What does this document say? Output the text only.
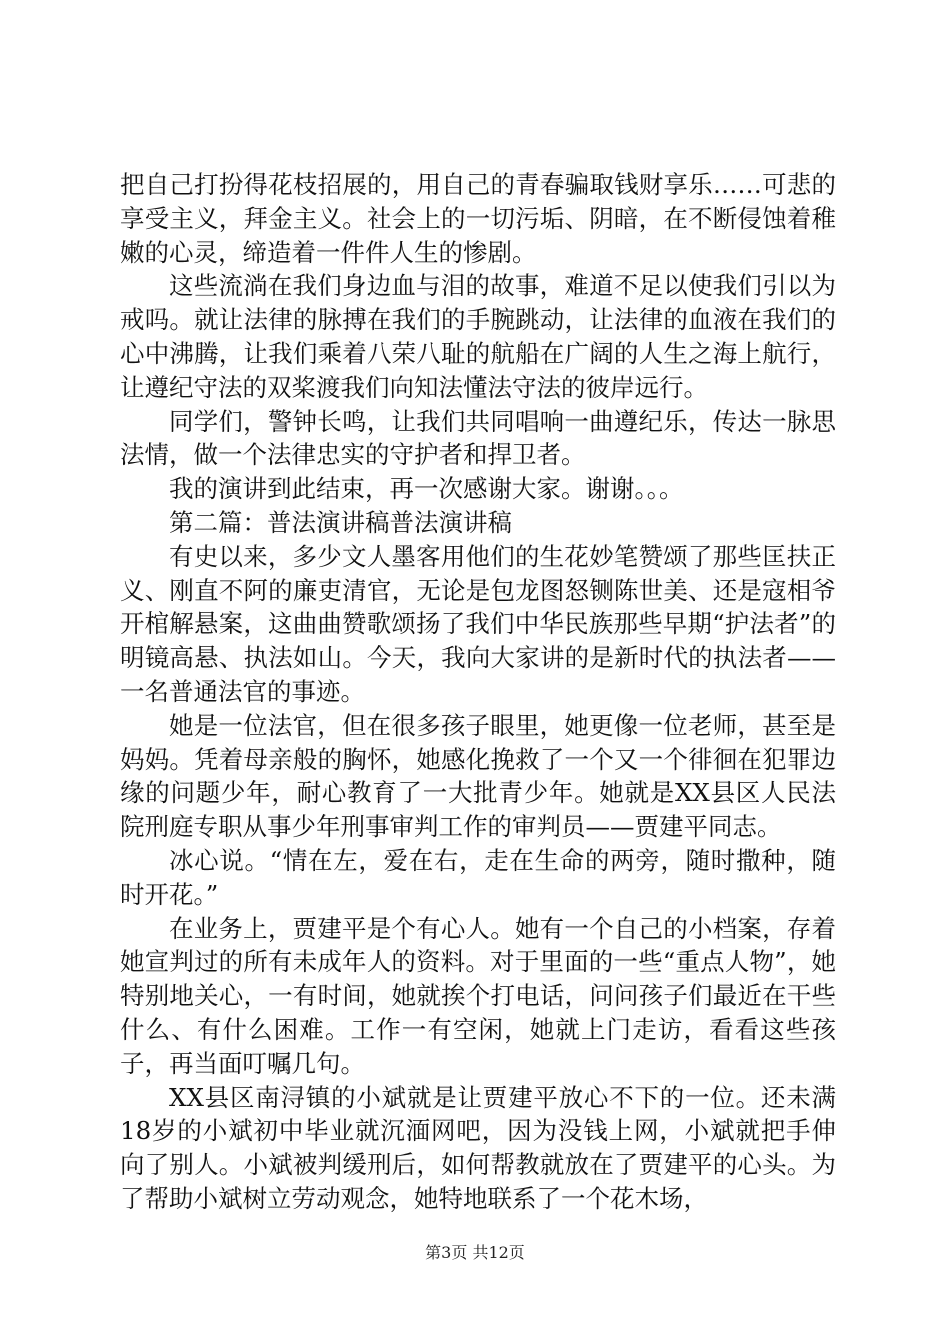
把自己打扮得花枝招展的，用自己的青春骗取钱财享乐……可悲的享受主义，拜金主义。社会上的一切污垢、阴暗，在不断侵蚀着稚嫩的心灵，缔造着一件件人生的惨剧。

这些流淌在我们身边血与泪的故事，难道不足以使我们引以为戒吗。就让法律的脉搏在我们的手腕跳动，让法律的血液在我们的心中沸腾，让我们乘着八荣八耻的航船在广阔的人生之海上航行，让遵纪守法的双桨渡我们向知法懂法守法的彼岸远行。

同学们，警钟长鸣，让我们共同唱响一曲遵纪乐，传达一脉思法情，做一个法律忠实的守护者和捍卫者。

我的演讲到此结束，再一次感谢大家。谢谢。。。

第二篇：普法演讲稿普法演讲稿

有史以来，多少文人墨客用他们的生花妙笔赞颂了那些匡扶正义、刚直不阿的廉吏清官，无论是包龙图怒铡陈世美、还是寇相爷开棺解悬案，这曲曲赞歌颂扬了我们中华民族那些早期“护法者”的明镜高悬、执法如山。今天，我向大家讲的是新时代的执法者——一名普通法官的事迹。

她是一位法官，但在很多孩子眼里，她更像一位老师，甚至是妈妈。凭着母亲般的胸怀，她感化挽救了一个又一个徘徊在犯罪边缘的问题少年，耐心教育了一大批青少年。她就是XX县区人民法院刑庭专职从事少年刑事审判工作的审判员——贾建平同志。

冰心说。“情在左，爱在右，走在生命的两旁，随时撒种，随时开花。”

在业务上，贾建平是个有心人。她有一个自己的小档案，存着她宣判过的所有未成年人的资料。对于里面的一些“重点人物”，她特别地关心，一有时间，她就挨个打电话，问问孩子们最近在干些什么、有什么困难。工作一有空闲，她就上门走访，看看这些孩子，再当面叮嘱几句。

XX县区南浔镇的小斌就是让贾建平放心不下的一位。还未满18岁的小斌初中毕业就沉湎网吧，因为没钱上网，小斌就把手伸向了别人。小斌被判缓刑后，如何帮教就放在了贾建平的心头。为了帮助小斌树立劳动观念，她特地联系了一个花木场，

第3页 共12页
